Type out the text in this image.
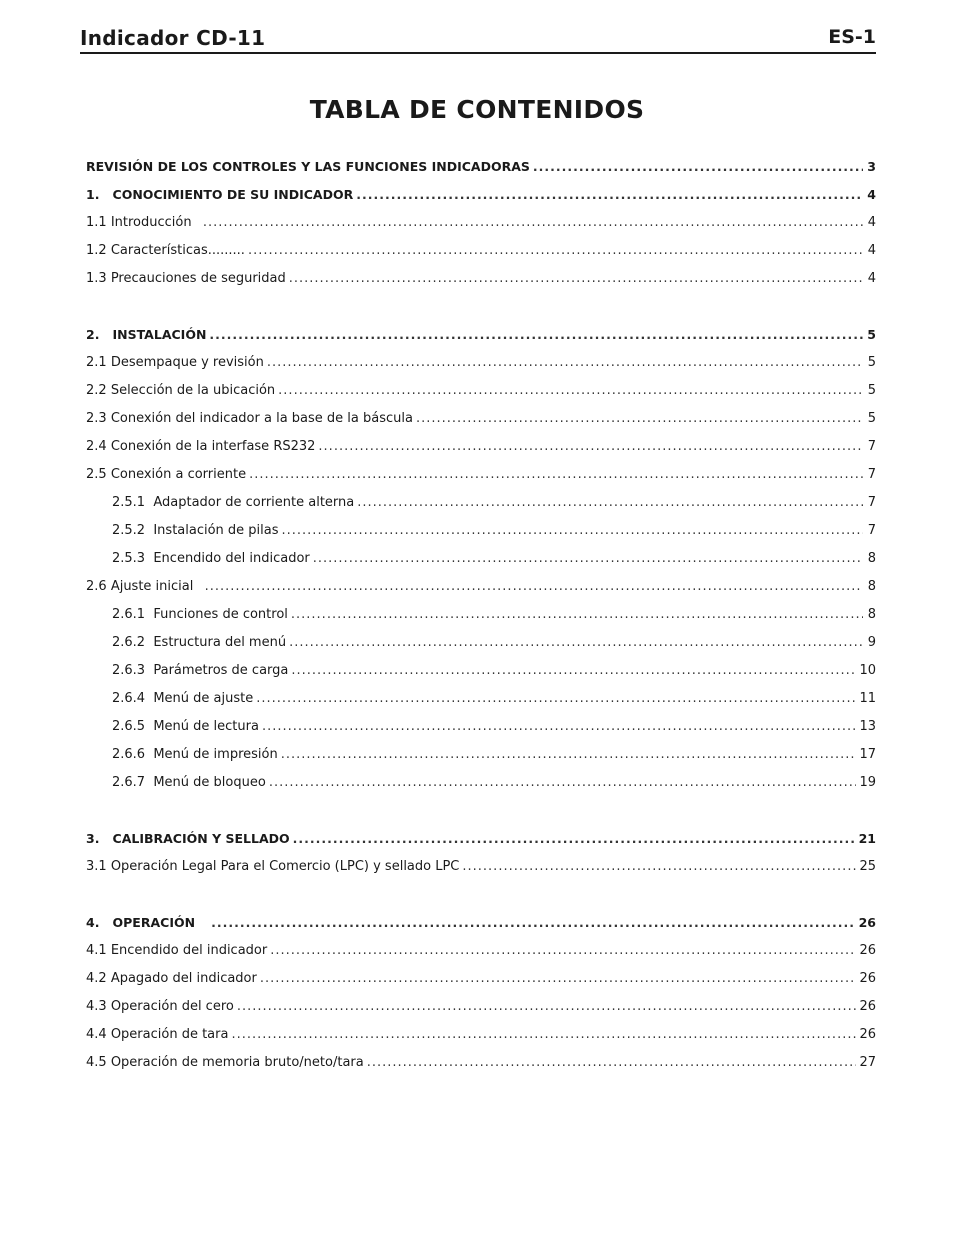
Indicador CD-11	ES-1
TABLA DE CONTENIDOS
REVISIÓN DE LOS CONTROLES Y LAS FUNCIONES INDICADORAS .....	3
1. CONOCIMIENTO DE SU INDICADOR .....	4
1.1 Introducción .....	4
1.2 Características......... .....	4
1.3 Precauciones de seguridad .....	4
2. INSTALACIÓN .....	5
2.1 Desempaque y revisión .....	5
2.2 Selección de la ubicación .....	5
2.3 Conexión del indicador a la base de la báscula .....	5
2.4 Conexión de la interfase RS232 .....	7
2.5 Conexión a corriente .....	7
2.5.1 Adaptador de corriente alterna .....	7
2.5.2 Instalación de pilas .....	7
2.5.3 Encendido del indicador .....	8
2.6 Ajuste inicial .....	8
2.6.1 Funciones de control .....	8
2.6.2 Estructura del menú .....	9
2.6.3 Parámetros de carga .....	10
2.6.4 Menú de ajuste .....	11
2.6.5 Menú de lectura .....	13
2.6.6 Menú de impresión .....	17
2.6.7 Menú de bloqueo .....	19
3. CALIBRACIÓN Y SELLADO .....	21
3.1 Operación Legal Para el Comercio (LPC) y sellado LPC .....	25
4. OPERACIÓN .....	26
4.1 Encendido del indicador .....	26
4.2 Apagado del indicador .....	26
4.3 Operación del cero .....	26
4.4 Operación de tara .....	26
4.5 Operación de memoria bruto/neto/tara .....	27
